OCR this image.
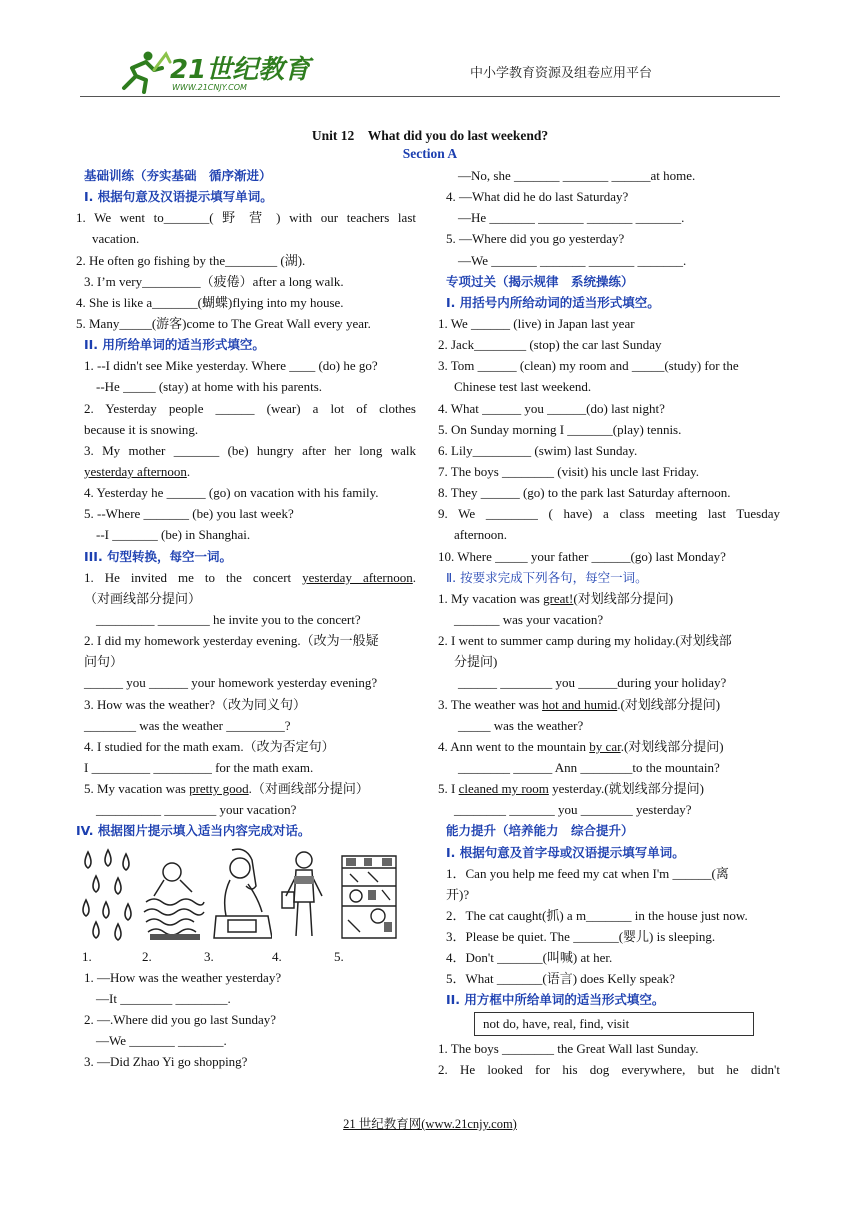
21世纪教育
WWW.21CNJY.COM
中小学教育资源及组卷应用平台
Unit 12　What did you do last weekend?
Section A
基础训练（夯实基础　循序渐进）
I. 根据句意及汉语提示填写单词。
1. We went to_______( 野 营 ) with our teachers last
vacation.
2. He often go fishing by the________ (湖).
3. I’m very_________（疲倦）after a long walk.
4. She is like a_______(蝴蝶)flying into my house.
5. Many_____(游客)come to The Great Wall every year.
II. 用所给单词的适当形式填空。
1. --I didn't see Mike yesterday. Where ____ (do) he go?
--He _____ (stay) at home with his parents.
2. Yesterday people ______ (wear) a lot of clothes
because it is snowing.
3. My mother _______ (be) hungry after her long walk
yesterday afternoon.
4. Yesterday he ______ (go) on vacation with his family.
5. --Where _______ (be) you last week?
--I _______ (be) in Shanghai.
III. 句型转换，每空一词。
1. He invited me to the concert yesterday afternoon.
（对画线部分提问）
_________ ________ he invite you to the concert?
2. I did my homework yesterday evening.（改为一般疑
问句）
______ you ______ your homework yesterday evening?
3. How was the weather?（改为同义句）
________ was the weather _________?
4. I studied for the math exam.（改为否定句）
I _________ _________ for the math exam.
5. My vacation was pretty good.（对画线部分提问）
__________ ________ your vacation?
IV. 根据图片提示填入适当内容完成对话。
1.	2.	3.	4.	5.
1. —How was the weather yesterday?
—It ________ ________.
2. —.Where did you go last Sunday?
—We _______ _______.
3. —Did Zhao Yi go shopping?
—No, she _______ _______ ______at home.
4. —What did he do last Saturday?
—He _______ _______ _______ _______.
5. —Where did you go yesterday?
—We _______ _______ _______ _______.
专项过关（揭示规律　系统操练）
I. 用括号内所给动词的适当形式填空。
1. We ______ (live) in Japan last year
2. Jack________ (stop) the car last Sunday
3. Tom ______ (clean) my room and _____(study) for the
Chinese test last weekend.
4. What ______ you ______(do) last night?
5. On Sunday morning I _______(play) tennis.
6. Lily_________ (swim) last Sunday.
7. The boys ________ (visit) his uncle last Friday.
8. They ______ (go) to the park last Saturday afternoon.
9. We ________ ( have) a class meeting last Tuesday
afternoon.
10. Where _____ your father ______(go) last Monday?
Ⅱ. 按要求完成下列各句，每空一词。
1. My vacation was great!(对划线部分提问)
_______ was your vacation?
2. I went to summer camp during my holiday.(对划线部
分提问)
______ ________ you ______during your holiday?
3. The weather was hot and humid.(对划线部分提问)
_____ was the weather?
4. Ann went to the mountain by car.(对划线部分提问)
________ ______ Ann ________to the mountain?
5. I cleaned my room yesterday.(就划线部分提问)
________ _______ you ________ yesterday?
能力提升（培养能力　综合提升）
I. 根据句意及首字母或汉语提示填写单词。
1．Can you help me feed my cat when I'm ______(离
开)?
2．The cat caught(抓) a m_______ in the house just now.
3．Please be quiet. The _______(婴儿) is sleeping.
4．Don't _______(叫喊) at her.
5．What _______(语言) does Kelly speak?
II. 用方框中所给单词的适当形式填空。
not do, have, real, find, visit
1. The boys ________ the Great Wall last Sunday.
2. He looked for his dog everywhere, but he didn't
21 世纪教育网(www.21cnjy.com)
